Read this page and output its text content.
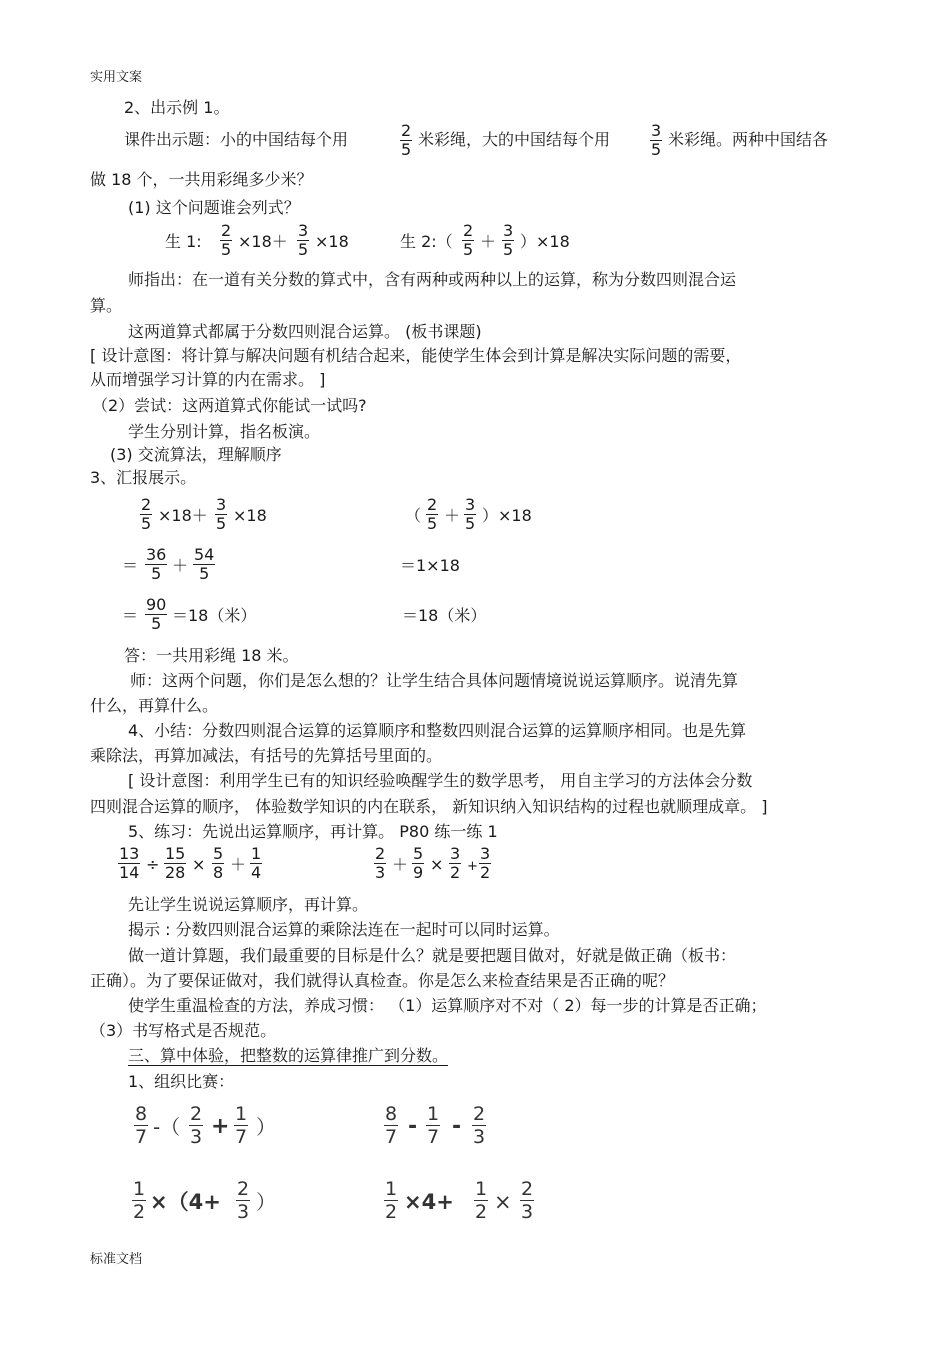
实用文案
2、出示例 1。
课件出示题：小的中国结每个用	$\frac{2}{5}$ 米彩绳，大的中国结每个用 $\frac{3}{5}$ 米彩绳。两种中国结各
做 18 个，一共用彩绳多少米？
(1) 这个问题谁会列式？
生 1: $\frac{2}{5} \times 18+ \frac{3}{5} \times 18$	生 2:（ $\frac{2}{5} + \frac{3}{5} )\times 18$
师指出：在一道有关分数的算式中，含有两种或两种以上的运算，称为分数四则混合运
算。
这两道算式都属于分数四则混合运算。 (板书课题)
[ 设计意图：将计算与解决问题有机结合起来，能使学生体会到计算是解决实际问题的需要，
从而增强学习计算的内在需求。 ]
（2）尝试：这两道算式你能试一试吗?
学生分别计算，指名板演。
(3) 交流算法，理解顺序
3、汇报展示。
$\frac{2}{5} \times 18+ \frac{3}{5} \times 18$	（ $\frac{2}{5} + \frac{3}{5} )\times 18$
＝ $\frac{36}{5} + \frac{54}{5}$	＝1×18
＝ $\frac{90}{5} =18$（米）	＝18（米）
答：一共用彩绳 18 米。
师：这两个问题，你们是怎么想的？让学生结合具体问题情境说说运算顺序。说清先算
什么，再算什么。
4、小结：分数四则混合运算的运算顺序和整数四则混合运算的运算顺序相同。也是先算
乘除法，再算加减法，有括号的先算括号里面的。
[ 设计意图：利用学生已有的知识经验唤醒学生的数学思考， 用自主学习的方法体会分数
四则混合运算的顺序， 体验数学知识的内在联系， 新知识纳入知识结构的过程也就顺理成章。 ]
5、练习：先说出运算顺序，再计算。 P80 练一练 1
$\frac{13}{14} \div \frac{15}{28} \times \frac{5}{8} + \frac{1}{4}$	$\frac{2}{3} + \frac{5}{9} \times \frac{3}{2} + \frac{3}{2}$
先让学生说说运算顺序，再计算。
揭示 : 分数四则混合运算的乘除法连在一起时可以同时运算。
做一道计算题，我们最重要的目标是什么？就是要把题目做对，好就是做正确（板书：
正确）。为了要保证做对，我们就得认真检查。你是怎么来检查结果是否正确的呢？
使学生重温检查的方法，养成习惯： （1）运算顺序对不对（ 2）每一步的计算是否正确；
（3）书写格式是否规范。
三、算中体验，把整数的运算律推广到分数。
1、组织比赛：
$\frac{8}{7}$ -（ $\frac{2}{3} + \frac{1}{7}$ ）	$\frac{8}{7} - \frac{1}{7} - \frac{2}{3}$
$\frac{1}{2} \times(4+ \frac{2}{3}$ ）	$\frac{1}{2} \times 4+ \frac{1}{2} \times \frac{2}{3}$
标准文档
